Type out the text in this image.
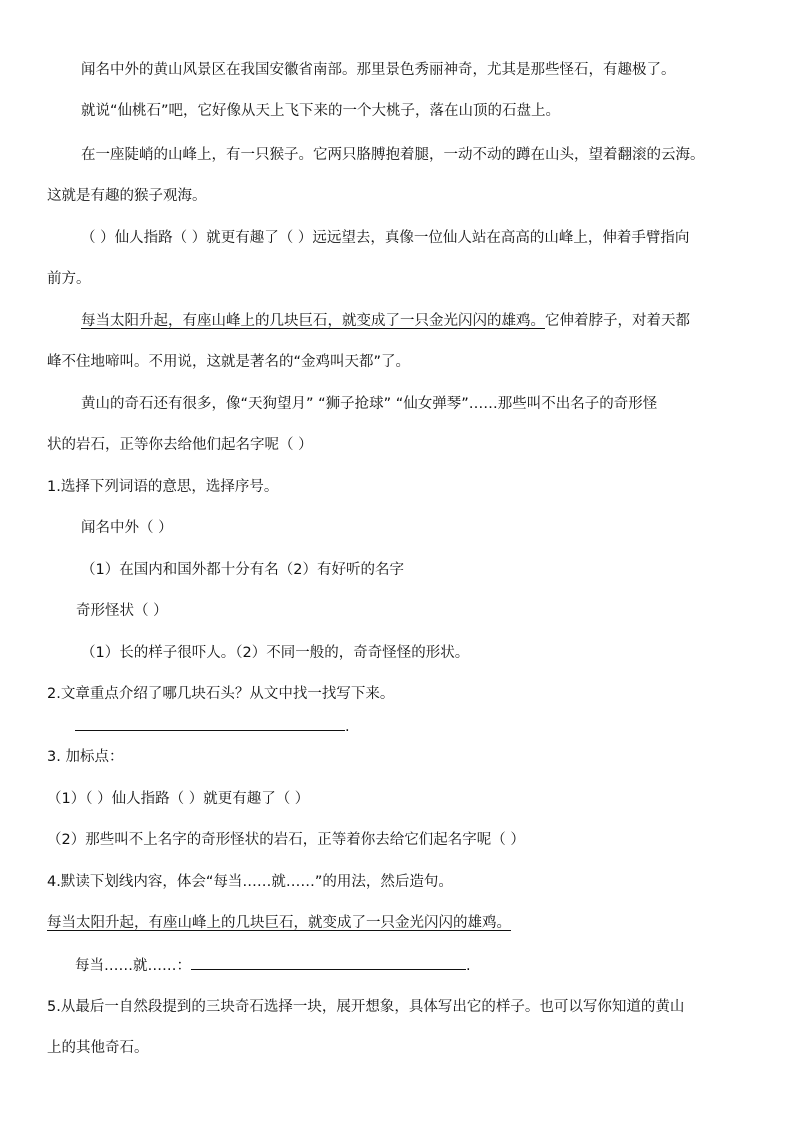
闻名中外的黄山风景区在我国安徽省南部。那里景色秀丽神奇，尤其是那些怪石，有趣极了。
就说“仙桃石”吧，它好像从天上飞下来的一个大桃子，落在山顶的石盘上。
在一座陡峭的山峰上，有一只猴子。它两只胳膊抱着腿，一动不动的蹲在山头，望着翻滚的云海。
这就是有趣的猴子观海。
（ ）仙人指路（ ）就更有趣了（ ）远远望去，真像一位仙人站在高高的山峰上，伸着手臂指向
前方。
每当太阳升起，有座山峰上的几块巨石，就变成了一只金光闪闪的雄鸡。它伸着脖子，对着天都
峰不住地啼叫。不用说，这就是著名的“金鸡叫天都”了。
黄山的奇石还有很多，像“天狗望月” “狮子抢球” “仙女弹琴”……那些叫不出名子的奇形怪
状的岩石，正等你去给他们起名字呢（ ）
1.选择下列词语的意思，选择序号。
闻名中外（ ）
（1）在国内和国外都十分有名（2）有好听的名字
奇形怪状（ ）
（1）长的样子很吓人。（2）不同一般的，奇奇怪怪的形状。
2.文章重点介绍了哪几块石头？从文中找一找写下来。
.
3. 加标点：
（1）（ ）仙人指路（ ）就更有趣了（ ）
（2）那些叫不上名字的奇形怪状的岩石，正等着你去给它们起名字呢（ ）
4.默读下划线内容，体会“每当……就……”的用法，然后造句。
每当太阳升起，有座山峰上的几块巨石，就变成了一只金光闪闪的雄鸡。
每当……就……：	.
5.从最后一自然段提到的三块奇石选择一块，展开想象，具体写出它的样子。也可以写你知道的黄山
上的其他奇石。
